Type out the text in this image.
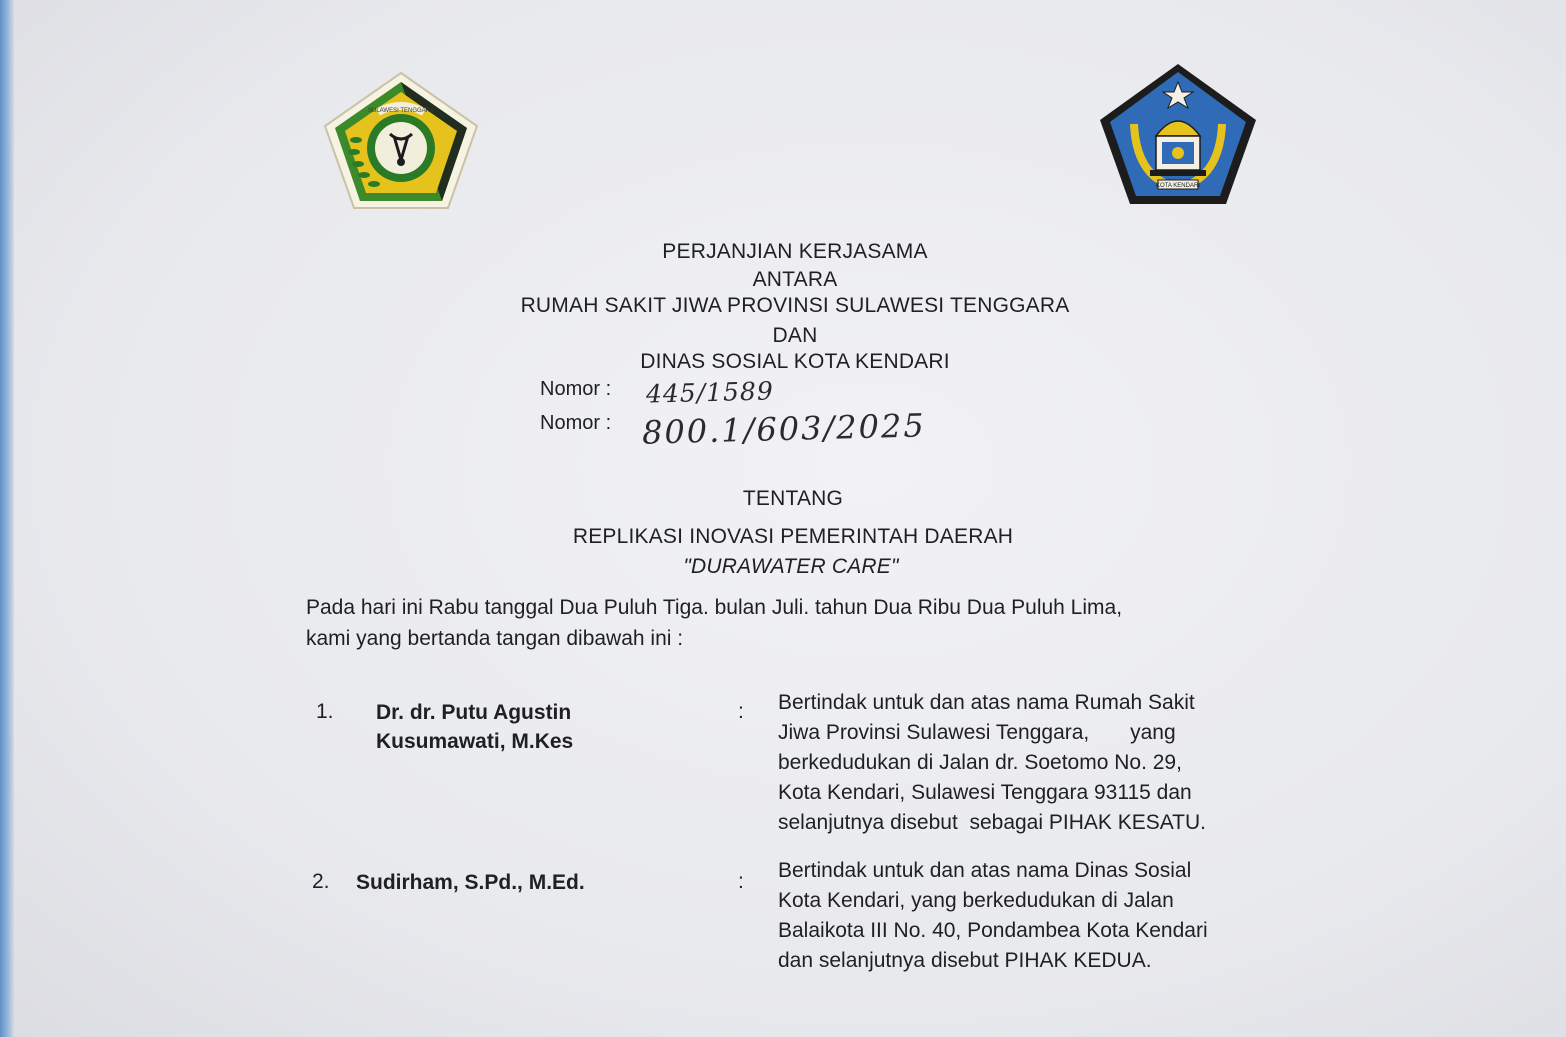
SULAWESI TENGGARA
KOTA KENDARI
PERJANJIAN KERJASAMA
ANTARA
RUMAH SAKIT JIWA PROVINSI SULAWESI TENGGARA
DAN
DINAS SOSIAL KOTA KENDARI
Nomor : 445/1589
Nomor : 800.1/603/2025
TENTANG
REPLIKASI INOVASI PEMERINTAH DAERAH
"DURAWATER CARE"
Pada hari ini Rabu tanggal Dua Puluh Tiga. bulan Juli. tahun Dua Ribu Dua Puluh Lima,
kami yang bertanda tangan dibawah ini :
1. Dr. dr. Putu Agustin
Kusumawati, M.Kes
: Bertindak untuk dan atas nama Rumah Sakit
Jiwa Provinsi Sulawesi Tenggara,       yang
berkedudukan di Jalan dr. Soetomo No. 29,
Kota Kendari, Sulawesi Tenggara 93115 dan
selanjutnya disebut  sebagai PIHAK KESATU.
2. Sudirham, S.Pd., M.Ed.	: Bertindak untuk dan atas nama Dinas Sosial
Kota Kendari, yang berkedudukan di Jalan
Balaikota III No. 40, Pondambea Kota Kendari
dan selanjutnya disebut PIHAK KEDUA.
